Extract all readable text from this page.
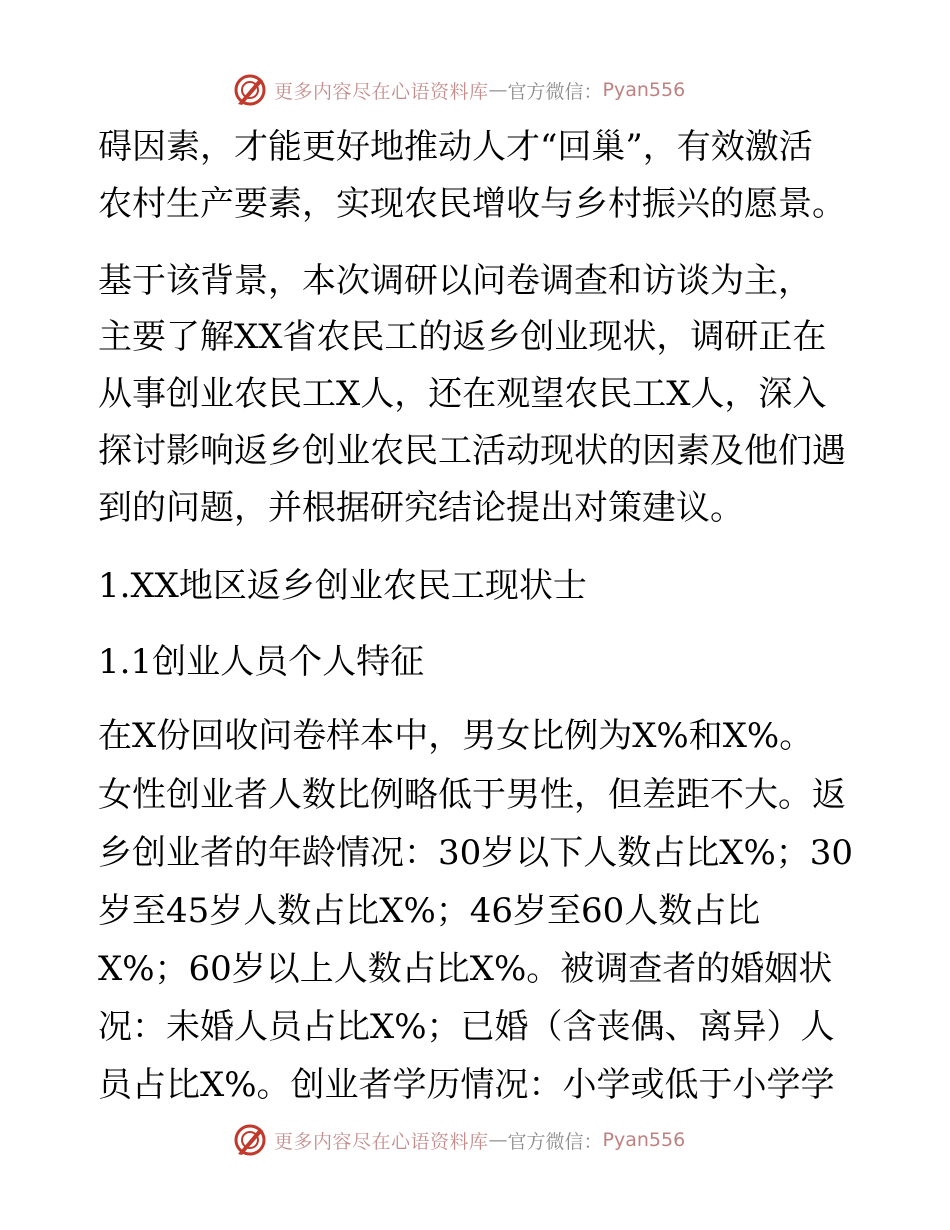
更多内容尽在心语资料库 — 官方微信： Pyan556
碍因素，才能更好地推动人才“回巢”，有效激活
农村生产要素，实现农民增收与乡村振兴的愿景。
基于该背景，本次调研以问卷调查和访谈为主，
主要了解XX省农民工的返乡创业现状，调研正在
从事创业农民工X人，还在观望农民工X人，深入
探讨影响返乡创业农民工活动现状的因素及他们遇
到的问题，并根据研究结论提出对策建议。
1.XX地区返乡创业农民工现状士
1.1创业人员个人特征
在X份回收问卷样本中，男女比例为X%和X%。
女性创业者人数比例略低于男性，但差距不大。返
乡创业者的年龄情况：30岁以下人数占比X%；30
岁至45岁人数占比X%；46岁至60人数占比
X%；60岁以上人数占比X%。被调查者的婚姻状
况：未婚人员占比X%；已婚（含丧偶、离异）人
员占比X%。创业者学历情况：小学或低于小学学
更多内容尽在心语资料库 — 官方微信： Pyan556
